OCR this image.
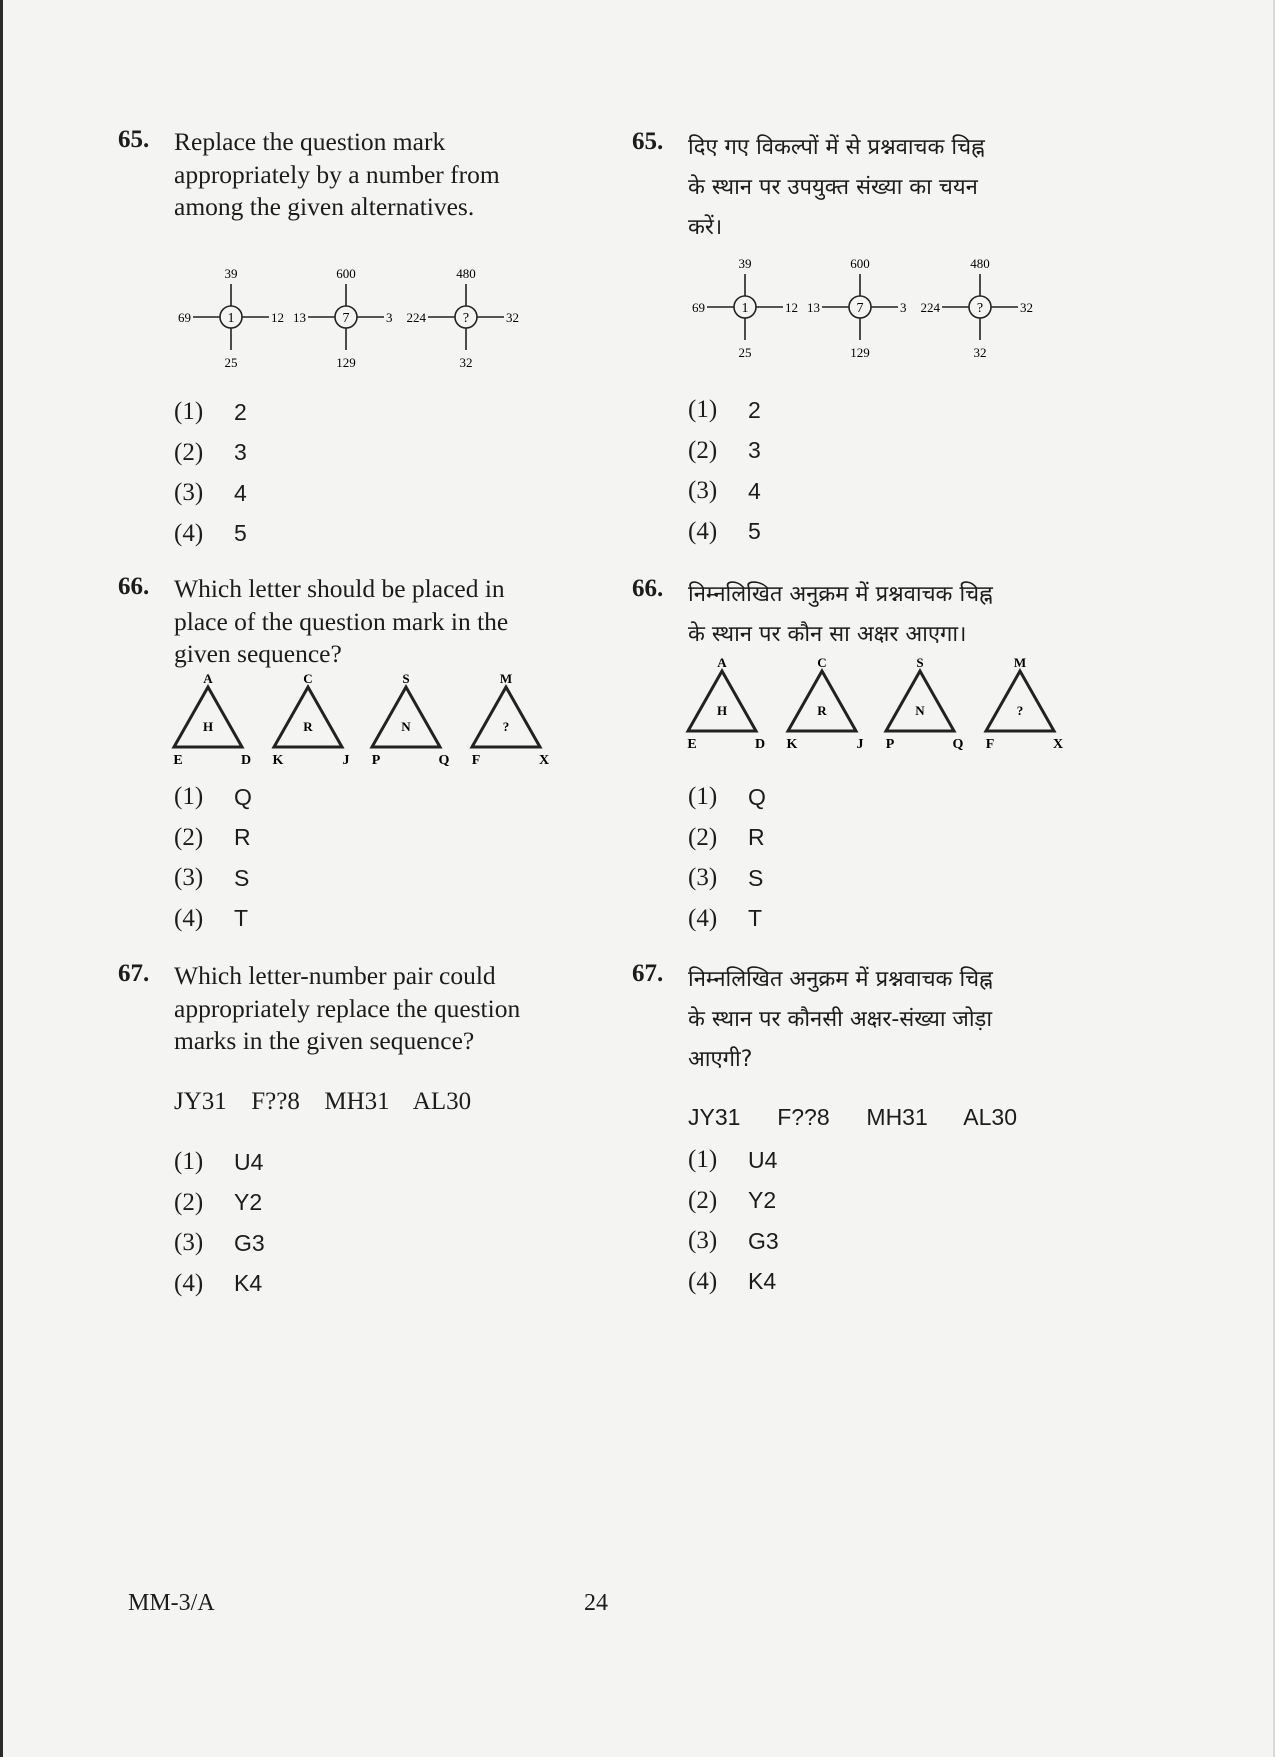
65. Replace the question mark
appropriately by a number from
among the given alternatives.
1
39
25
69	12	7
600
129
13	3	?
480
32
224	32
(1)	2
(2)	3
(3)	4
(4)	5
66. Which letter should be placed in
place of the question mark in the
given sequence?
A
H
E	D
C
R
K	J
S
N
P	Q
M
?
F	X
(1)	Q
(2)	R
(3)	S
(4)	T
67. Which letter-number pair could
appropriately replace the question
marks in the given sequence?
JY31  F??8  MH31  AL30
(1)	U4
(2)	Y2
(3)	G3
(4)	K4
65. दिए गए विकल्पों में से प्रश्नवाचक चिह्न
के स्थान पर उपयुक्त संख्या का चयन
करें।
1
39
25
69	12	7
600
129
13	3	?
480
32
224	32
(1)	2
(2)	3
(3)	4
(4)	5
66. निम्नलिखित अनुक्रम में प्रश्नवाचक चिह्न
के स्थान पर कौन सा अक्षर आएगा।
A
H
E	D
C
R
K	J
S
N
P	Q
M
?
F	X
(1)	Q
(2)	R
(3)	S
(4)	T
67. निम्नलिखित अनुक्रम में प्रश्नवाचक चिह्न
के स्थान पर कौनसी अक्षर-संख्या जोड़ा
आएगी?
JY31  F??8  MH31  AL30
(1)	U4
(2)	Y2
(3)	G3
(4)	K4
MM-3/A	24
